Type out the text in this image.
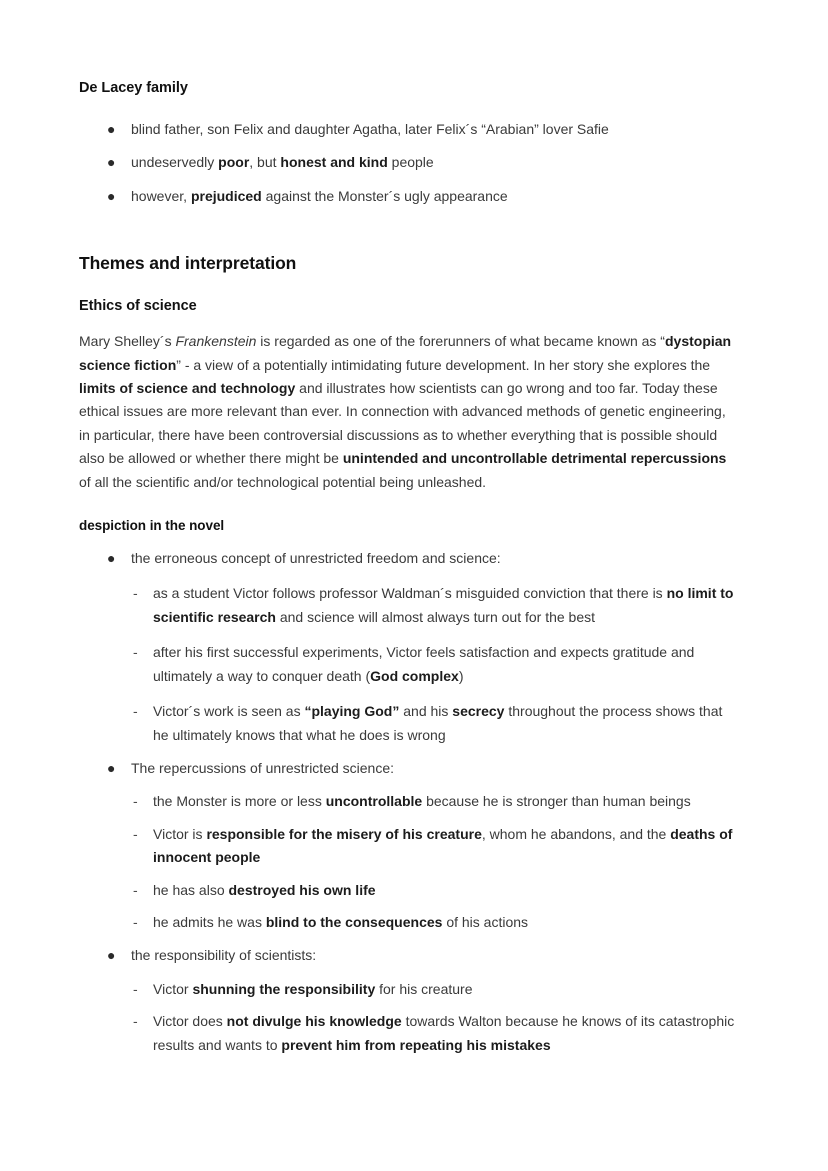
De Lacey family
● blind father, son Felix and daughter Agatha, later Felix´s “Arabian” lover Safie
● undeservedly poor, but honest and kind people
● however, prejudiced against the Monster´s ugly appearance
Themes and interpretation
Ethics of science

Mary Shelley´s Frankenstein is regarded as one of the forerunners of what became known as “dystopian science fiction” - a view of a potentially intimidating future development. In her story she explores the limits of science and technology and illustrates how scientists can go wrong and too far. Today these ethical issues are more relevant than ever. In connection with advanced methods of genetic engineering, in particular, there have been controversial discussions as to whether everything that is possible should also be allowed or whether there might be unintended and uncontrollable detrimental repercussions of all the scientific and/or technological potential being unleashed.

despiction in the novel
● the erroneous concept of unrestricted freedom and science:
- as a student Victor follows professor Waldman´s misguided conviction that there is no limit to scientific research and science will almost always turn out for the best
- after his first successful experiments, Victor feels satisfaction and expects gratitude and ultimately a way to conquer death (God complex)
- Victor´s work is seen as “playing God” and his secrecy throughout the process shows that he ultimately knows that what he does is wrong
● The repercussions of unrestricted science:
- the Monster is more or less uncontrollable because he is stronger than human beings
- Victor is responsible for the misery of his creature, whom he abandons, and the deaths of innocent people
- he has also destroyed his own life
- he admits he was blind to the consequences of his actions
● the responsibility of scientists:
- Victor shunning the responsibility for his creature
- Victor does not divulge his knowledge towards Walton because he knows of its catastrophic results and wants to prevent him from repeating his mistakes
